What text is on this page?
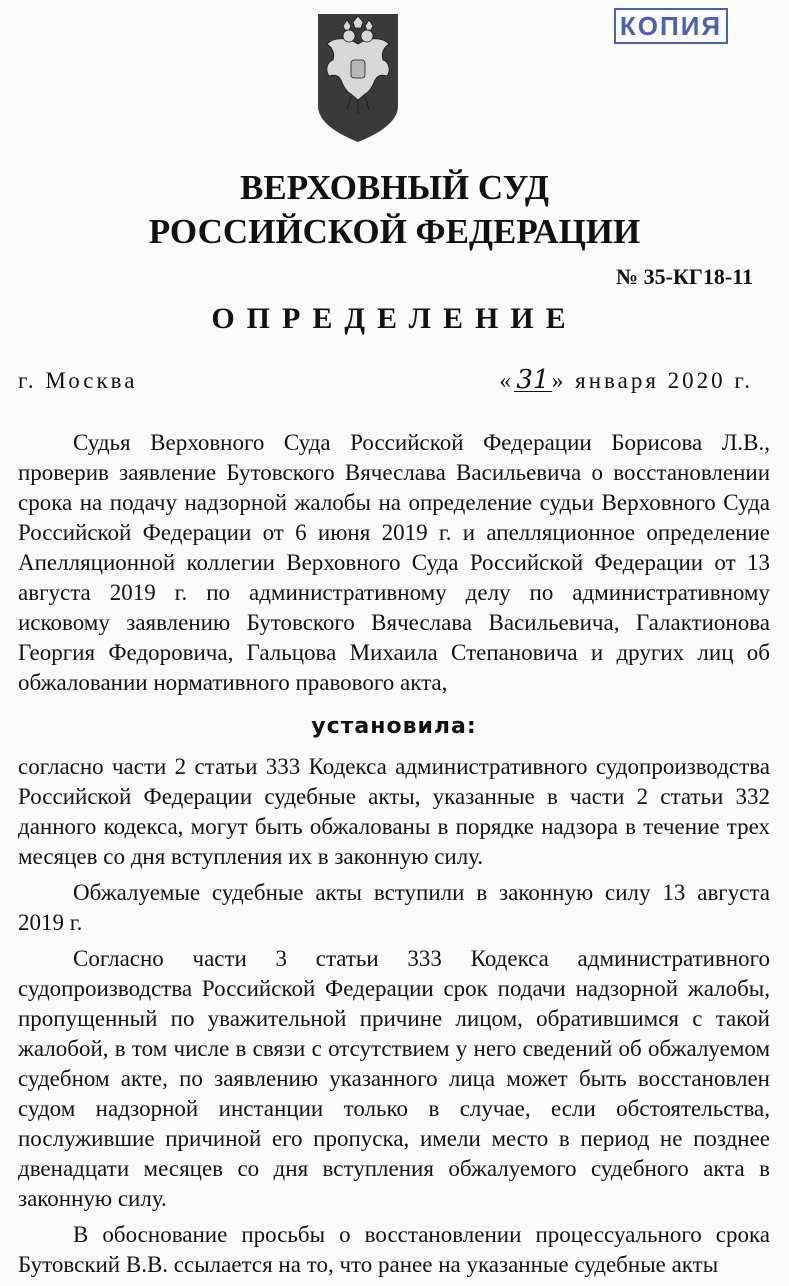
КОПИЯ
ВЕРХОВНЫЙ СУД
РОССИЙСКОЙ ФЕДЕРАЦИИ
№ 35-КГ18-11
ОПРЕДЕЛЕНИЕ
г. Москва	«31 » января 2020 г.

Судья Верховного Суда Российской Федерации Борисова Л.В., проверив заявление Бутовского Вячеслава Васильевича о восстановлении срока на подачу надзорной жалобы на определение судьи Верховного Суда Российской Федерации от 6 июня 2019 г. и апелляционное определение Апелляционной коллегии Верховного Суда Российской Федерации от 13 августа 2019 г. по административному делу по административному исковому заявлению Бутовского Вячеслава Васильевича, Галактионова Георгия Федоровича, Гальцова Михаила Степановича и других лиц об обжаловании нормативного правового акта,

установила:

согласно части 2 статьи 333 Кодекса административного судопроизводства Российской Федерации судебные акты, указанные в части 2 статьи 332 данного кодекса, могут быть обжалованы в порядке надзора в течение трех месяцев со дня вступления их в законную силу.

Обжалуемые судебные акты вступили в законную силу 13 августа 2019 г.

Согласно части 3 статьи 333 Кодекса административного судопроизводства Российской Федерации срок подачи надзорной жалобы, пропущенный по уважительной причине лицом, обратившимся с такой жалобой, в том числе в связи с отсутствием у него сведений об обжалуемом судебном акте, по заявлению указанного лица может быть восстановлен судом надзорной инстанции только в случае, если обстоятельства, послужившие причиной его пропуска, имели место в период не позднее двенадцати месяцев со дня вступления обжалуемого судебного акта в законную силу.

В обоснование просьбы о восстановлении процессуального срока Бутовский В.В. ссылается на то, что ранее на указанные судебные акты
